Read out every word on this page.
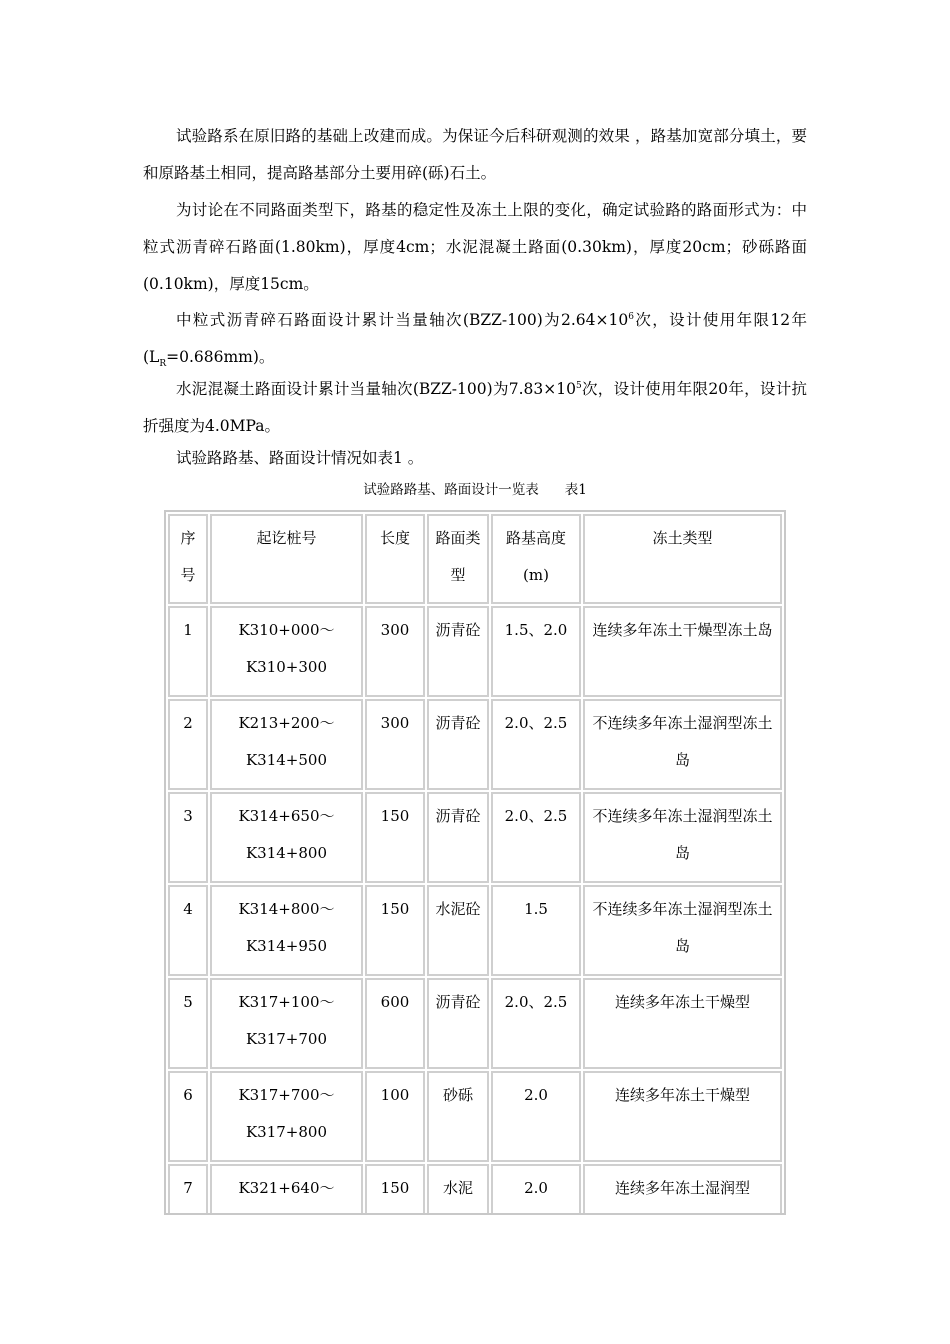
试验路系在原旧路的基础上改建而成。为保证今后科研观测的效果 ，路基加宽部分填土，要和原路基土相同，提高路基部分土要用碎(砾)石土。

为讨论在不同路面类型下，路基的稳定性及冻土上限的变化，确定试验路的路面形式为：中粒式沥青碎石路面(1.80km)，厚度4cm；水泥混凝土路面(0.30km)，厚度20cm；砂砾路面(0.10km)，厚度15cm。

中粒式沥青碎石路面设计累计当量轴次(BZZ-100)为$2.64\times 10^6$次，设计使用年限12年$(L_R=0.686mm)$。

水泥混凝土路面设计累计当量轴次(BZZ-100)为$7.83\times 10^5$次，设计使用年限20年，设计抗折强度为4.0MPa。

试验路路基、路面设计情况如表1 。

试验路路基、路面设计一览表 表1
序号	起讫桩号	长度	路面类型	路基高度(m)	冻土类型
1	K310+000～K310+300	300	沥青砼	1.5、2.0	连续多年冻土干燥型冻土岛
2	K213+200～K314+500	300	沥青砼	2.0、2.5	不连续多年冻土湿润型冻土岛
3	K314+650～K314+800	150	沥青砼	2.0、2.5	不连续多年冻土湿润型冻土岛
4	K314+800～K314+950	150	水泥砼	1.5	不连续多年冻土湿润型冻土岛
5	K317+100～K317+700	600	沥青砼	2.0、2.5	连续多年冻土干燥型
6	K317+700～K317+800	100	砂砾	2.0	连续多年冻土干燥型
7	K321+640～	150	水泥	2.0	连续多年冻土湿润型
